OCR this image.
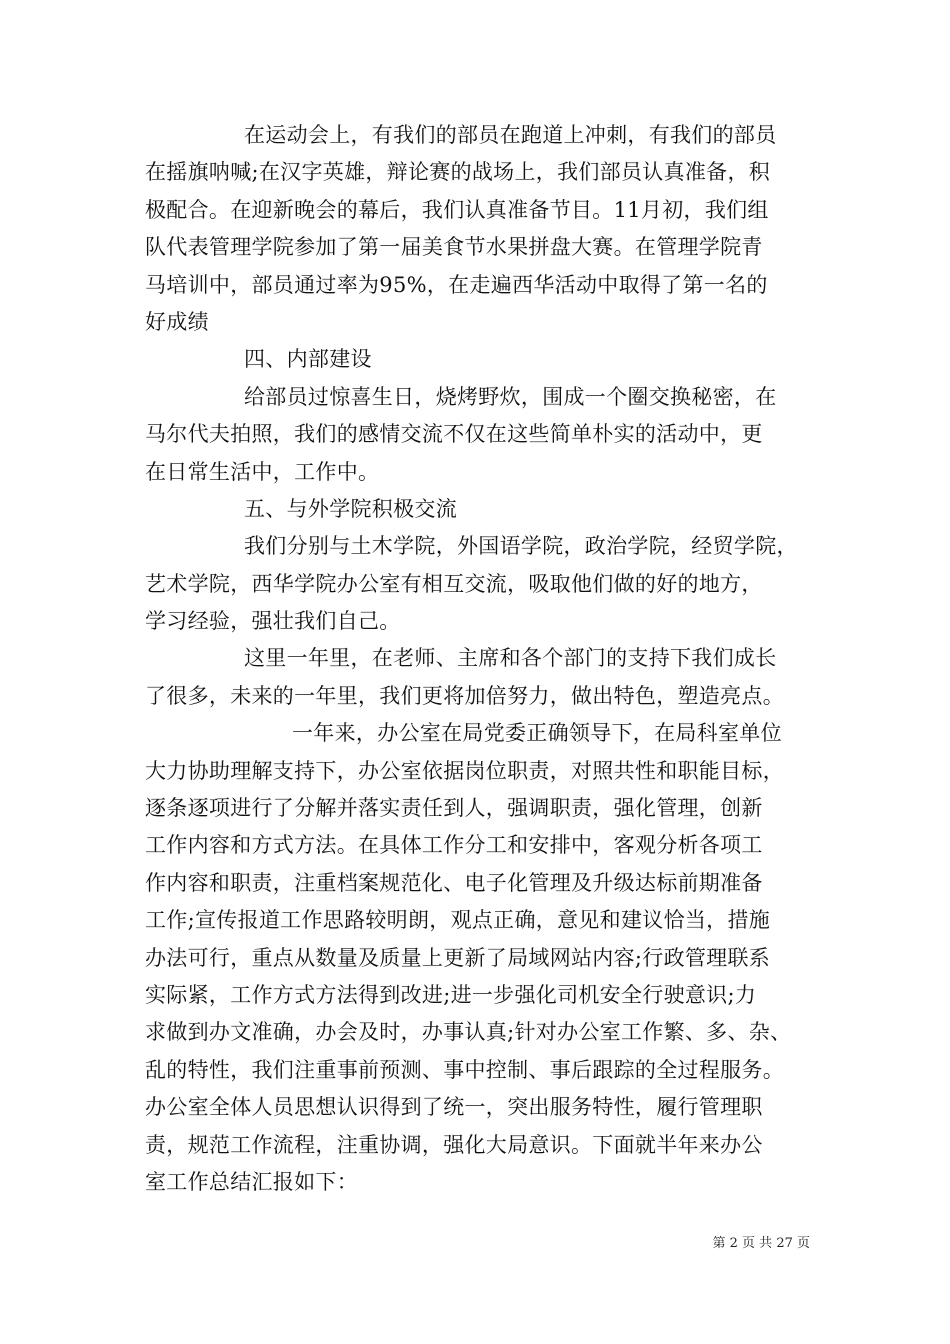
在运动会上，有我们的部员在跑道上冲刺，有我们的部员
在摇旗呐喊;在汉字英雄，辩论赛的战场上，我们部员认真准备，积
极配合。在迎新晚会的幕后，我们认真准备节目。11月初，我们组
队代表管理学院参加了第一届美食节水果拼盘大赛。在管理学院青
马培训中，部员通过率为95%，在走遍西华活动中取得了第一名的
好成绩
四、内部建设
给部员过惊喜生日，烧烤野炊，围成一个圈交换秘密，在
马尔代夫拍照，我们的感情交流不仅在这些简单朴实的活动中，更
在日常生活中，工作中。
五、与外学院积极交流
我们分别与土木学院，外国语学院，政治学院，经贸学院，
艺术学院，西华学院办公室有相互交流，吸取他们做的好的地方，
学习经验，强壮我们自己。
这里一年里，在老师、主席和各个部门的支持下我们成长
了很多，未来的一年里，我们更将加倍努力，做出特色，塑造亮点。
一年来，办公室在局党委正确领导下，在局科室单位
大力协助理解支持下，办公室依据岗位职责，对照共性和职能目标，
逐条逐项进行了分解并落实责任到人，强调职责，强化管理，创新
工作内容和方式方法。在具体工作分工和安排中，客观分析各项工
作内容和职责，注重档案规范化、电子化管理及升级达标前期准备
工作;宣传报道工作思路较明朗，观点正确，意见和建议恰当，措施
办法可行，重点从数量及质量上更新了局域网站内容;行政管理联系
实际紧，工作方式方法得到改进;进一步强化司机安全行驶意识;力
求做到办文准确，办会及时，办事认真;针对办公室工作繁、多、杂、
乱的特性，我们注重事前预测、事中控制、事后跟踪的全过程服务。
办公室全体人员思想认识得到了统一，突出服务特性，履行管理职
责，规范工作流程，注重协调，强化大局意识。下面就半年来办公
室工作总结汇报如下：
第 2 页 共 27 页
